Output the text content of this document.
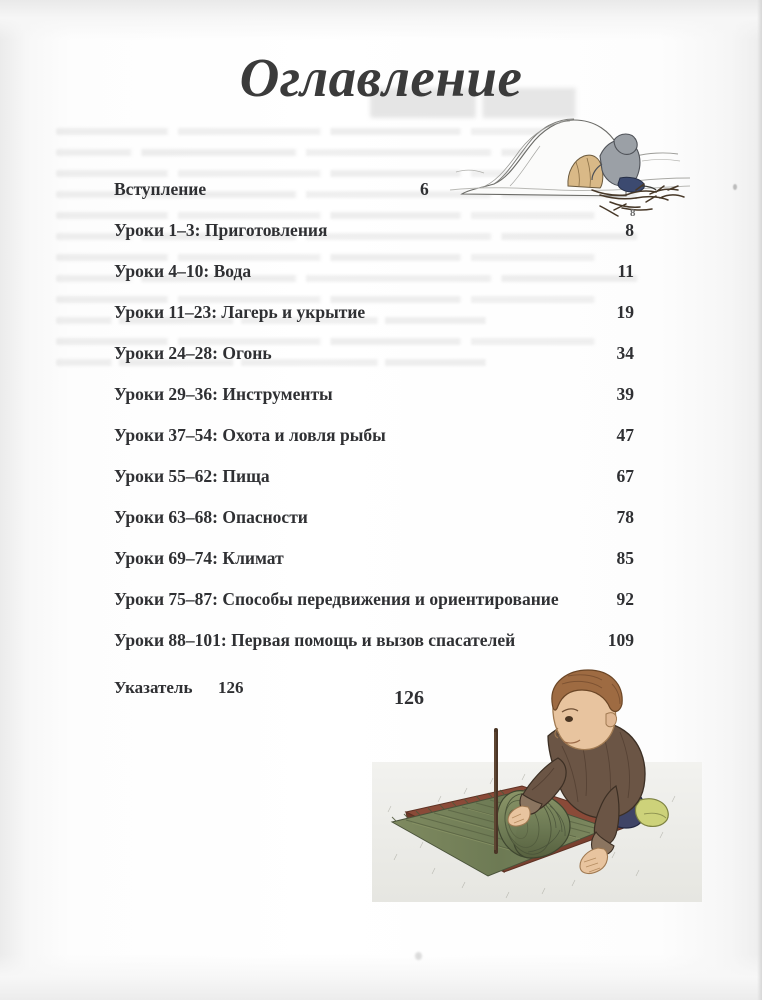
Оглавление
8
Вступление	6
Уроки 1–3: Приготовления	8
Уроки 4–10: Вода	11
Уроки 11–23: Лагерь и укрытие	19
Уроки 24–28: Огонь	34
Уроки 29–36: Инструменты	39
Уроки 37–54: Охота и ловля рыбы	47
Уроки 55–62: Пища	67
Уроки 63–68: Опасности	78
Уроки 69–74: Климат	85
Уроки 75–87: Способы передвижения и ориентирование	92
Уроки 88–101: Первая помощь и вызов спасателей	109
Указатель 126	126
